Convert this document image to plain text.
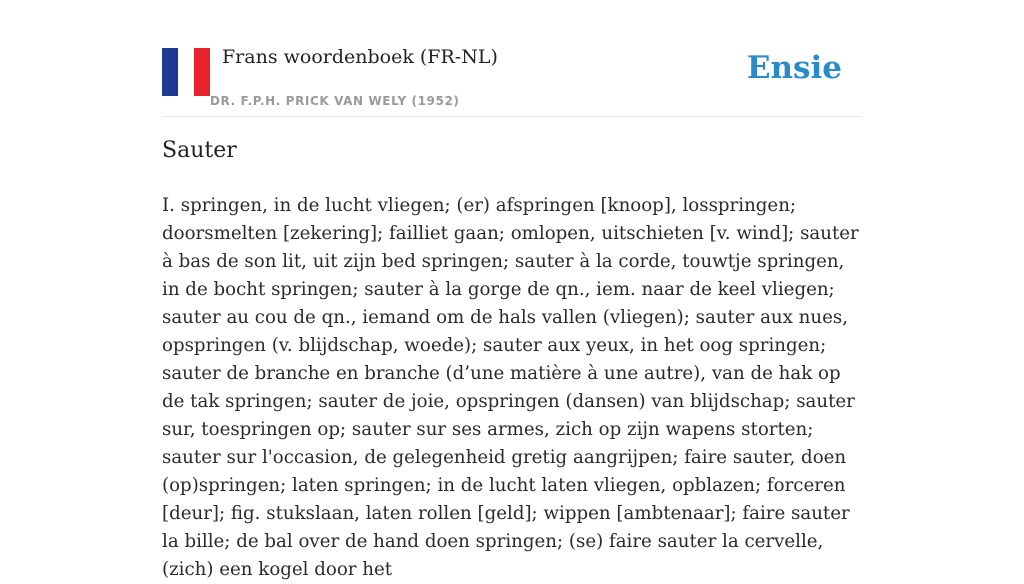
Frans woordenboek (FR-NL)
DR. F.P.H. PRICK VAN WELY (1952)
Ensie
Sauter

I. springen, in de lucht vliegen; (er) afspringen [knoop], losspringen; doorsmelten [zekering]; failliet gaan; omlopen, uitschieten [v. wind]; sauter à bas de son lit, uit zijn bed springen; sauter à la corde, touwtje springen, in de bocht springen; sauter à la gorge de qn., iem. naar de keel vliegen; sauter au cou de qn., iemand om de hals vallen (vliegen); sauter aux nues, opspringen (v. blijdschap, woede); sauter aux yeux, in het oog springen; sauter de branche en branche (d’une matière à une autre), van de hak op de tak springen; sauter de joie, opspringen (dansen) van blijdschap; sauter sur, toespringen op; sauter sur ses armes, zich op zijn wapens storten; sauter sur l'occasion, de gelegenheid gretig aangrijpen; faire sauter, doen (op)springen; laten springen; in de lucht laten vliegen, opblazen; forceren [deur]; fig. stukslaan, laten rollen [geld]; wippen [ambtenaar]; faire sauter la bille; de bal over de hand doen springen; (se) faire sauter la cervelle, (zich) een kogel door het
